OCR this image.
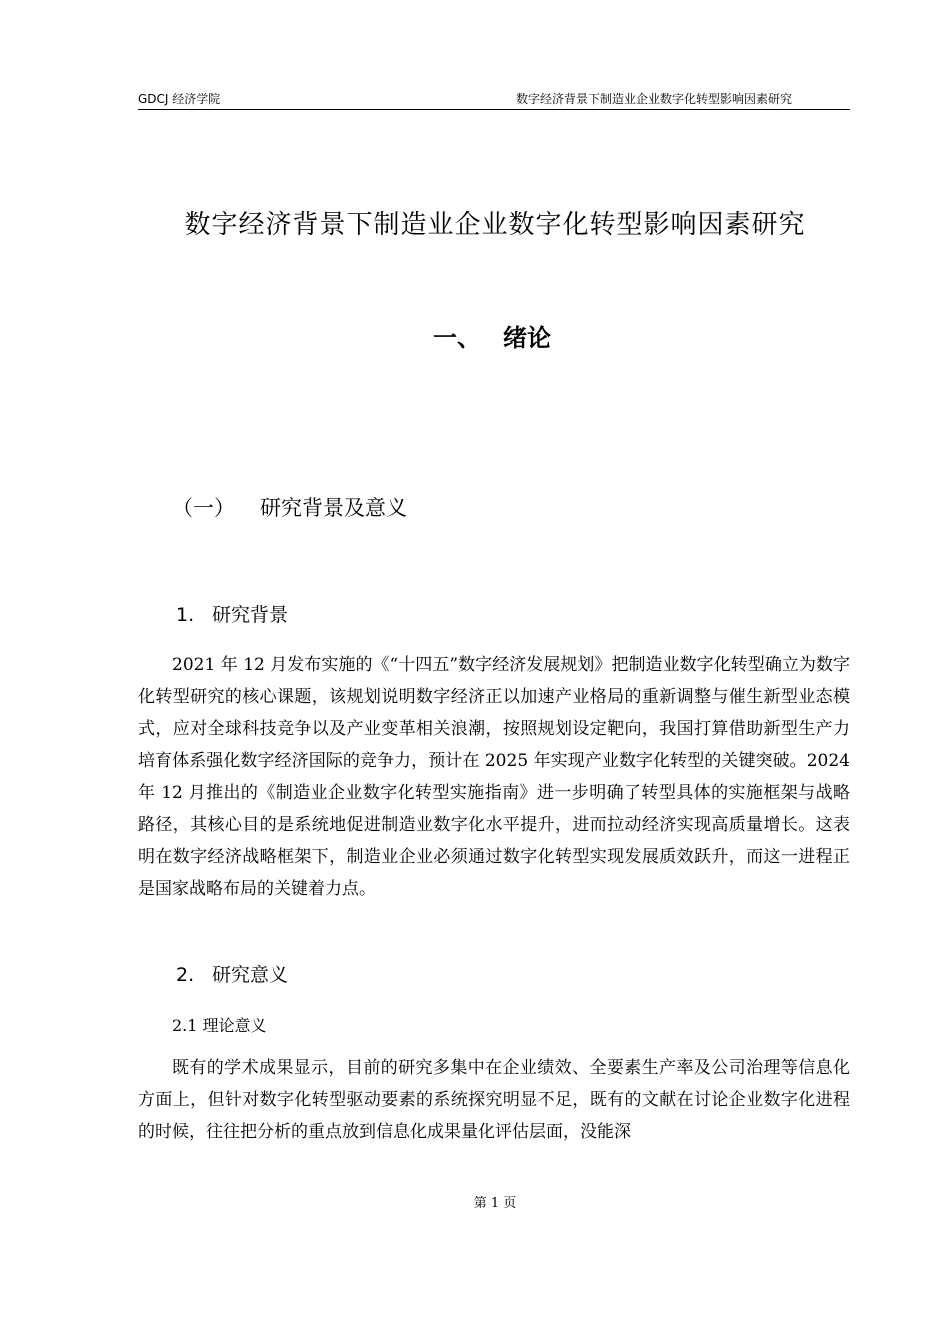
GDCJ 经济学院	数字经济背景下制造业企业数字化转型影响因素研究
数字经济背景下制造业企业数字化转型影响因素研究
一、 绪论
（一） 研究背景及意义
1. 研究背景

2021 年 12 月发布实施的《“十四五”数字经济发展规划》把制造业数字化转型确立为数字化转型研究的核心课题，该规划说明数字经济正以加速产业格局的重新调整与催生新型业态模式，应对全球科技竞争以及产业变革相关浪潮，按照规划设定靶向，我国打算借助新型生产力培育体系强化数字经济国际的竞争力，预计在 2025 年实现产业数字化转型的关键突破。2024 年 12 月推出的《制造业企业数字化转型实施指南》进一步明确了转型具体的实施框架与战略路径，其核心目的是系统地促进制造业数字化水平提升，进而拉动经济实现高质量增长。这表明在数字经济战略框架下，制造业企业必须通过数字化转型实现发展质效跃升，而这一进程正是国家战略布局的关键着力点。

2. 研究意义
2.1 理论意义

既有的学术成果显示，目前的研究多集中在企业绩效、全要素生产率及公司治理等信息化方面上，但针对数字化转型驱动要素的系统探究明显不足，既有的文献在讨论企业数字化进程的时候，往往把分析的重点放到信息化成果量化评估层面，没能深

第 1 页
